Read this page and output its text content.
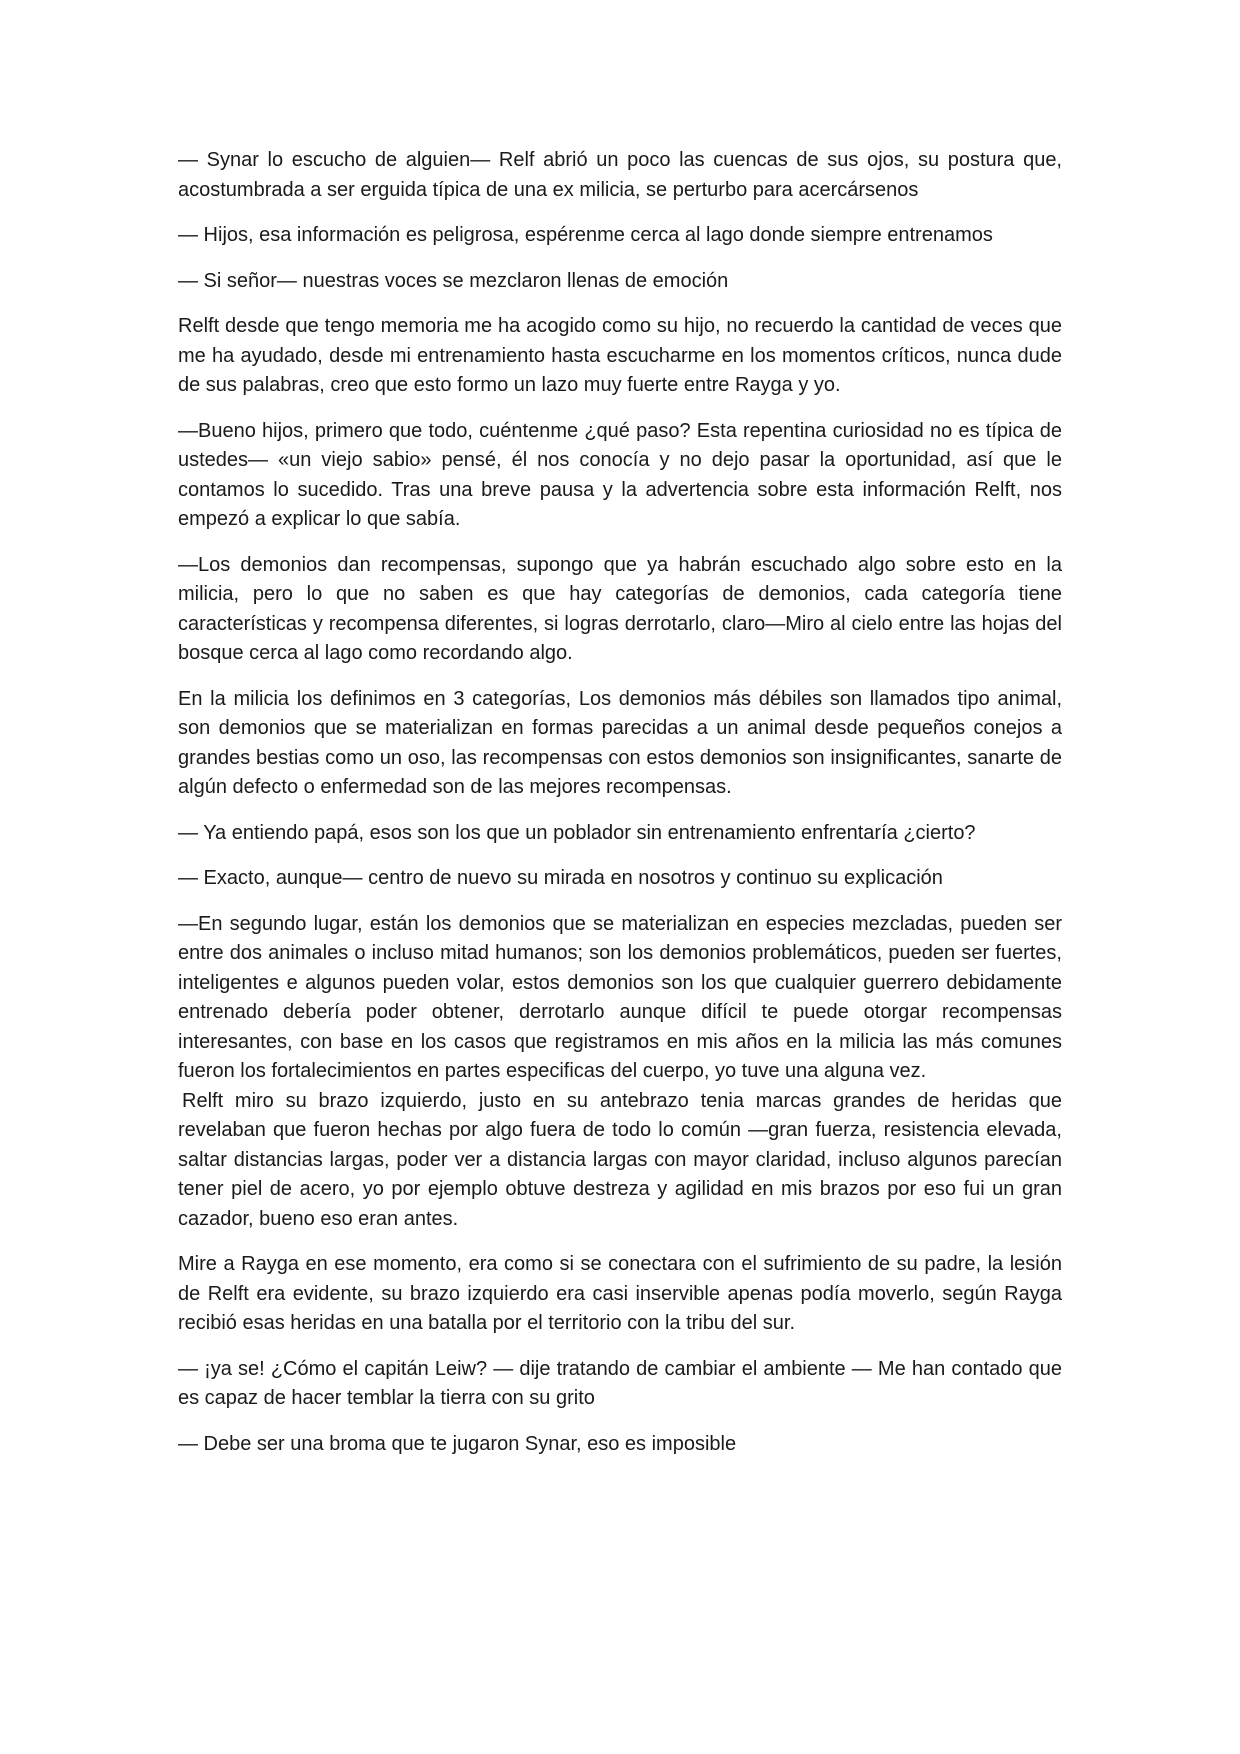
— Synar lo escucho de alguien— Relf abrió un poco las cuencas de sus ojos, su postura que, acostumbrada a ser erguida típica de una ex milicia, se perturbo para acercársenos

— Hijos, esa información es peligrosa, espérenme cerca al lago donde siempre entrenamos

— Si señor— nuestras voces se mezclaron llenas de emoción

Relft desde que tengo memoria me ha acogido como su hijo, no recuerdo la cantidad de veces que me ha ayudado, desde mi entrenamiento hasta escucharme en los momentos críticos, nunca dude de sus palabras, creo que esto formo un lazo muy fuerte entre Rayga y yo.

—Bueno hijos, primero que todo, cuéntenme ¿qué paso? Esta repentina curiosidad no es típica de ustedes— «un viejo sabio» pensé, él nos conocía y no dejo pasar la oportunidad, así que le contamos lo sucedido. Tras una breve pausa y la advertencia sobre esta información Relft, nos empezó a explicar lo que sabía.

—Los demonios dan recompensas, supongo que ya habrán escuchado algo sobre esto en la milicia, pero lo que no saben es que hay categorías de demonios, cada categoría tiene características y recompensa diferentes, si logras derrotarlo, claro—Miro al cielo entre las hojas del bosque cerca al lago como recordando algo.

En la milicia los definimos en 3 categorías, Los demonios más débiles son llamados tipo animal, son demonios que se materializan en formas parecidas a un animal desde pequeños conejos a grandes bestias como un oso, las recompensas con estos demonios son insignificantes, sanarte de algún defecto o enfermedad son de las mejores recompensas.

— Ya entiendo papá, esos son los que un poblador sin entrenamiento enfrentaría ¿cierto?

— Exacto, aunque— centro de nuevo su mirada en nosotros y continuo su explicación

—En segundo lugar, están los demonios que se materializan en especies mezcladas, pueden ser entre dos animales o incluso mitad humanos; son los demonios problemáticos, pueden ser fuertes, inteligentes e algunos pueden volar, estos demonios son los que cualquier guerrero debidamente entrenado debería poder obtener, derrotarlo aunque difícil te puede otorgar recompensas interesantes, con base en los casos que registramos en mis años en la milicia las más comunes fueron los fortalecimientos en partes especificas del cuerpo, yo tuve una alguna vez.

Relft miro su brazo izquierdo, justo en su antebrazo tenia marcas grandes de heridas que revelaban que fueron hechas por algo fuera de todo lo común —gran fuerza, resistencia elevada, saltar distancias largas, poder ver a distancia largas con mayor claridad, incluso algunos parecían tener piel de acero, yo por ejemplo obtuve destreza y agilidad en mis brazos por eso fui un gran cazador, bueno eso eran antes.

Mire a Rayga en ese momento, era como si se conectara con el sufrimiento de su padre, la lesión de Relft era evidente, su brazo izquierdo era casi inservible apenas podía moverlo, según Rayga recibió esas heridas en una batalla por el territorio con la tribu del sur.

— ¡ya se! ¿Cómo el capitán Leiw? — dije tratando de cambiar el ambiente — Me han contado que es capaz de hacer temblar la tierra con su grito

— Debe ser una broma que te jugaron Synar, eso es imposible
